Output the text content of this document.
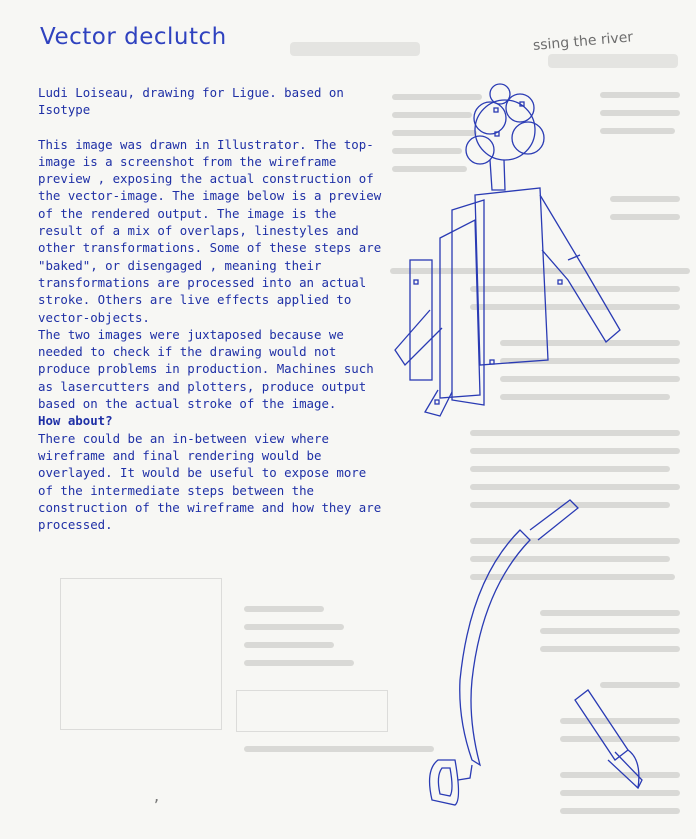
Vector declutch

Ludi Loiseau, drawing for Ligue. based on Isotype

This image was drawn in Illustrator. The top-image is a screenshot from the wireframe preview , exposing the actual construction of the vector-image. The image below is a preview of the rendered output. The image is the result of a mix of overlaps, linestyles and other transformations. Some of these steps are "baked", or disengaged , meaning their transformations are processed into an actual stroke. Others are live effects applied to vector-objects.

The two images were juxtaposed because we needed to check if the drawing would not produce problems in production. Machines such as lasercutters and plotters, produce output based on the actual stroke of the image.

How about?

There could be an in-between view where wireframe and final rendering would be overlayed. It would be useful to expose more of the intermediate steps between the construction of the wireframe and how they are processed.

ssing the river
’
